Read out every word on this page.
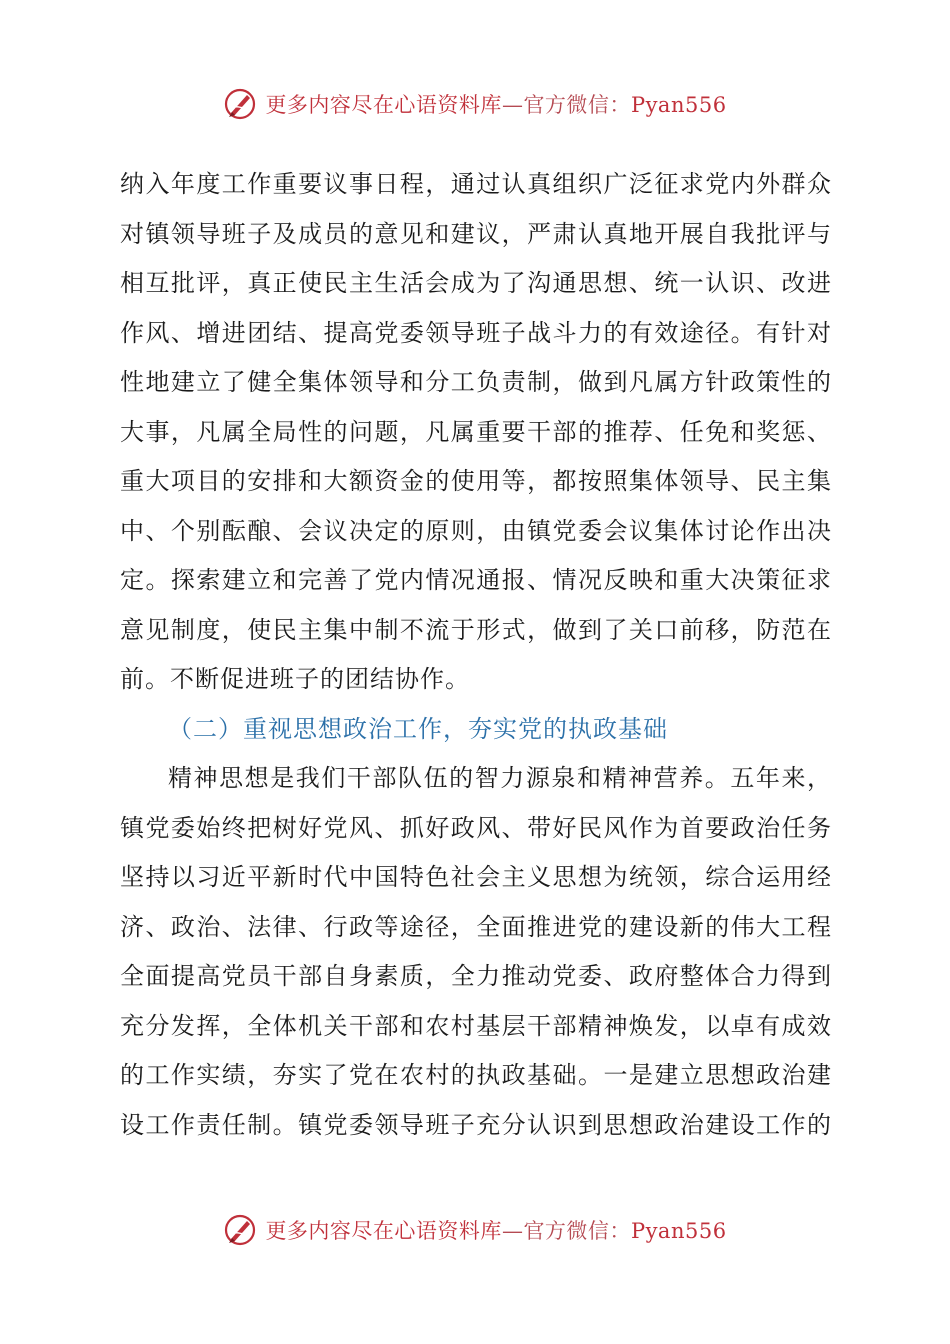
更多内容尽在心语资料库—官方微信：Pyan556
纳入年度工作重要议事日程，通过认真组织广泛征求党内外群众
对镇领导班子及成员的意见和建议，严肃认真地开展自我批评与
相互批评，真正使民主生活会成为了沟通思想、统一认识、改进
作风、增进团结、提高党委领导班子战斗力的有效途径。有针对
性地建立了健全集体领导和分工负责制，做到凡属方针政策性的
大事，凡属全局性的问题，凡属重要干部的推荐、任免和奖惩、
重大项目的安排和大额资金的使用等，都按照集体领导、民主集
中、个别酝酿、会议决定的原则，由镇党委会议集体讨论作出决
定。探索建立和完善了党内情况通报、情况反映和重大决策征求
意见制度，使民主集中制不流于形式，做到了关口前移，防范在
前。不断促进班子的团结协作。
（二）重视思想政治工作，夯实党的执政基础
精神思想是我们干部队伍的智力源泉和精神营养。五年来，
镇党委始终把树好党风、抓好政风、带好民风作为首要政治任务
坚持以习近平新时代中国特色社会主义思想为统领，综合运用经
济、政治、法律、行政等途径，全面推进党的建设新的伟大工程
全面提高党员干部自身素质，全力推动党委、政府整体合力得到
充分发挥，全体机关干部和农村基层干部精神焕发，以卓有成效
的工作实绩，夯实了党在农村的执政基础。一是建立思想政治建
设工作责任制。镇党委领导班子充分认识到思想政治建设工作的
更多内容尽在心语资料库—官方微信：Pyan556
